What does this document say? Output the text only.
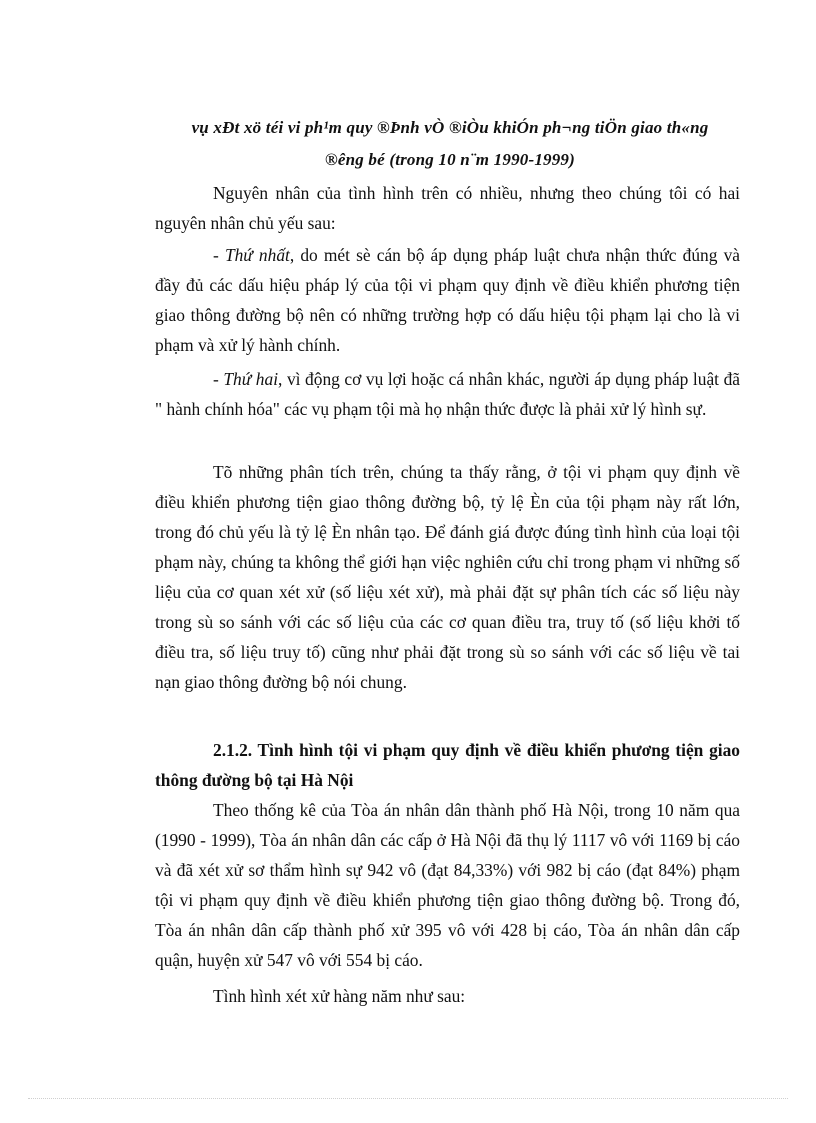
vụ xĐt xö téi vi ph¹m quy ®Þnh vÒ ®iÒu khiÓn ph¬ng tiÖn giao th«ng
®êng bé (trong 10 n¨m 1990-1999)
Nguyên nhân của tình hình trên có nhiều, nhưng theo chúng tôi có hai nguyên nhân chủ yếu sau:
- Thứ nhất, do mét sè cán bộ áp dụng pháp luật chưa nhận thức đúng và đầy đủ các dấu hiệu pháp lý của tội vi phạm quy định về điều khiển phương tiện giao thông đường bộ nên có những trường hợp có dấu hiệu tội phạm lại cho là vi phạm và xử lý hành chính.
- Thứ hai, vì động cơ vụ lợi hoặc cá nhân khác, người áp dụng pháp luật đã " hành chính hóa" các vụ phạm tội mà họ nhận thức được là phải xử lý hình sự.
Tõ những phân tích trên, chúng ta thấy rằng, ở tội vi phạm quy định về điều khiển phương tiện giao thông đường bộ, tỷ lệ Èn của tội phạm này rất lớn, trong đó chủ yếu là tỷ lệ Èn nhân tạo. Để đánh giá được đúng tình hình của loại tội phạm này, chúng ta không thể giới hạn việc nghiên cứu chỉ trong phạm vi những số liệu của cơ quan xét xử (số liệu xét xử), mà phải đặt sự phân tích các số liệu này trong sù so sánh với các số liệu của các cơ quan điều tra, truy tố (số liệu khởi tố điều tra, số liệu truy tố) cũng như phải đặt trong sù so sánh với các số liệu về tai nạn giao thông đường bộ nói chung.
2.1.2. Tình hình tội vi phạm quy định về điều khiển phương tiện giao thông đường bộ tại Hà Nội
Theo thống kê của Tòa án nhân dân thành phố Hà Nội, trong 10 năm qua (1990 - 1999), Tòa án nhân dân các cấp ở Hà Nội đã thụ lý 1117 vô với 1169 bị cáo và đã xét xử sơ thẩm hình sự 942 vô (đạt 84,33%) với 982 bị cáo (đạt 84%) phạm tội vi phạm quy định về điều khiển phương tiện giao thông đường bộ. Trong đó, Tòa án nhân dân cấp thành phố xử 395 vô với 428 bị cáo, Tòa án nhân dân cấp quận, huyện xử 547 vô với 554 bị cáo.
Tình hình xét xử hàng năm như sau:
